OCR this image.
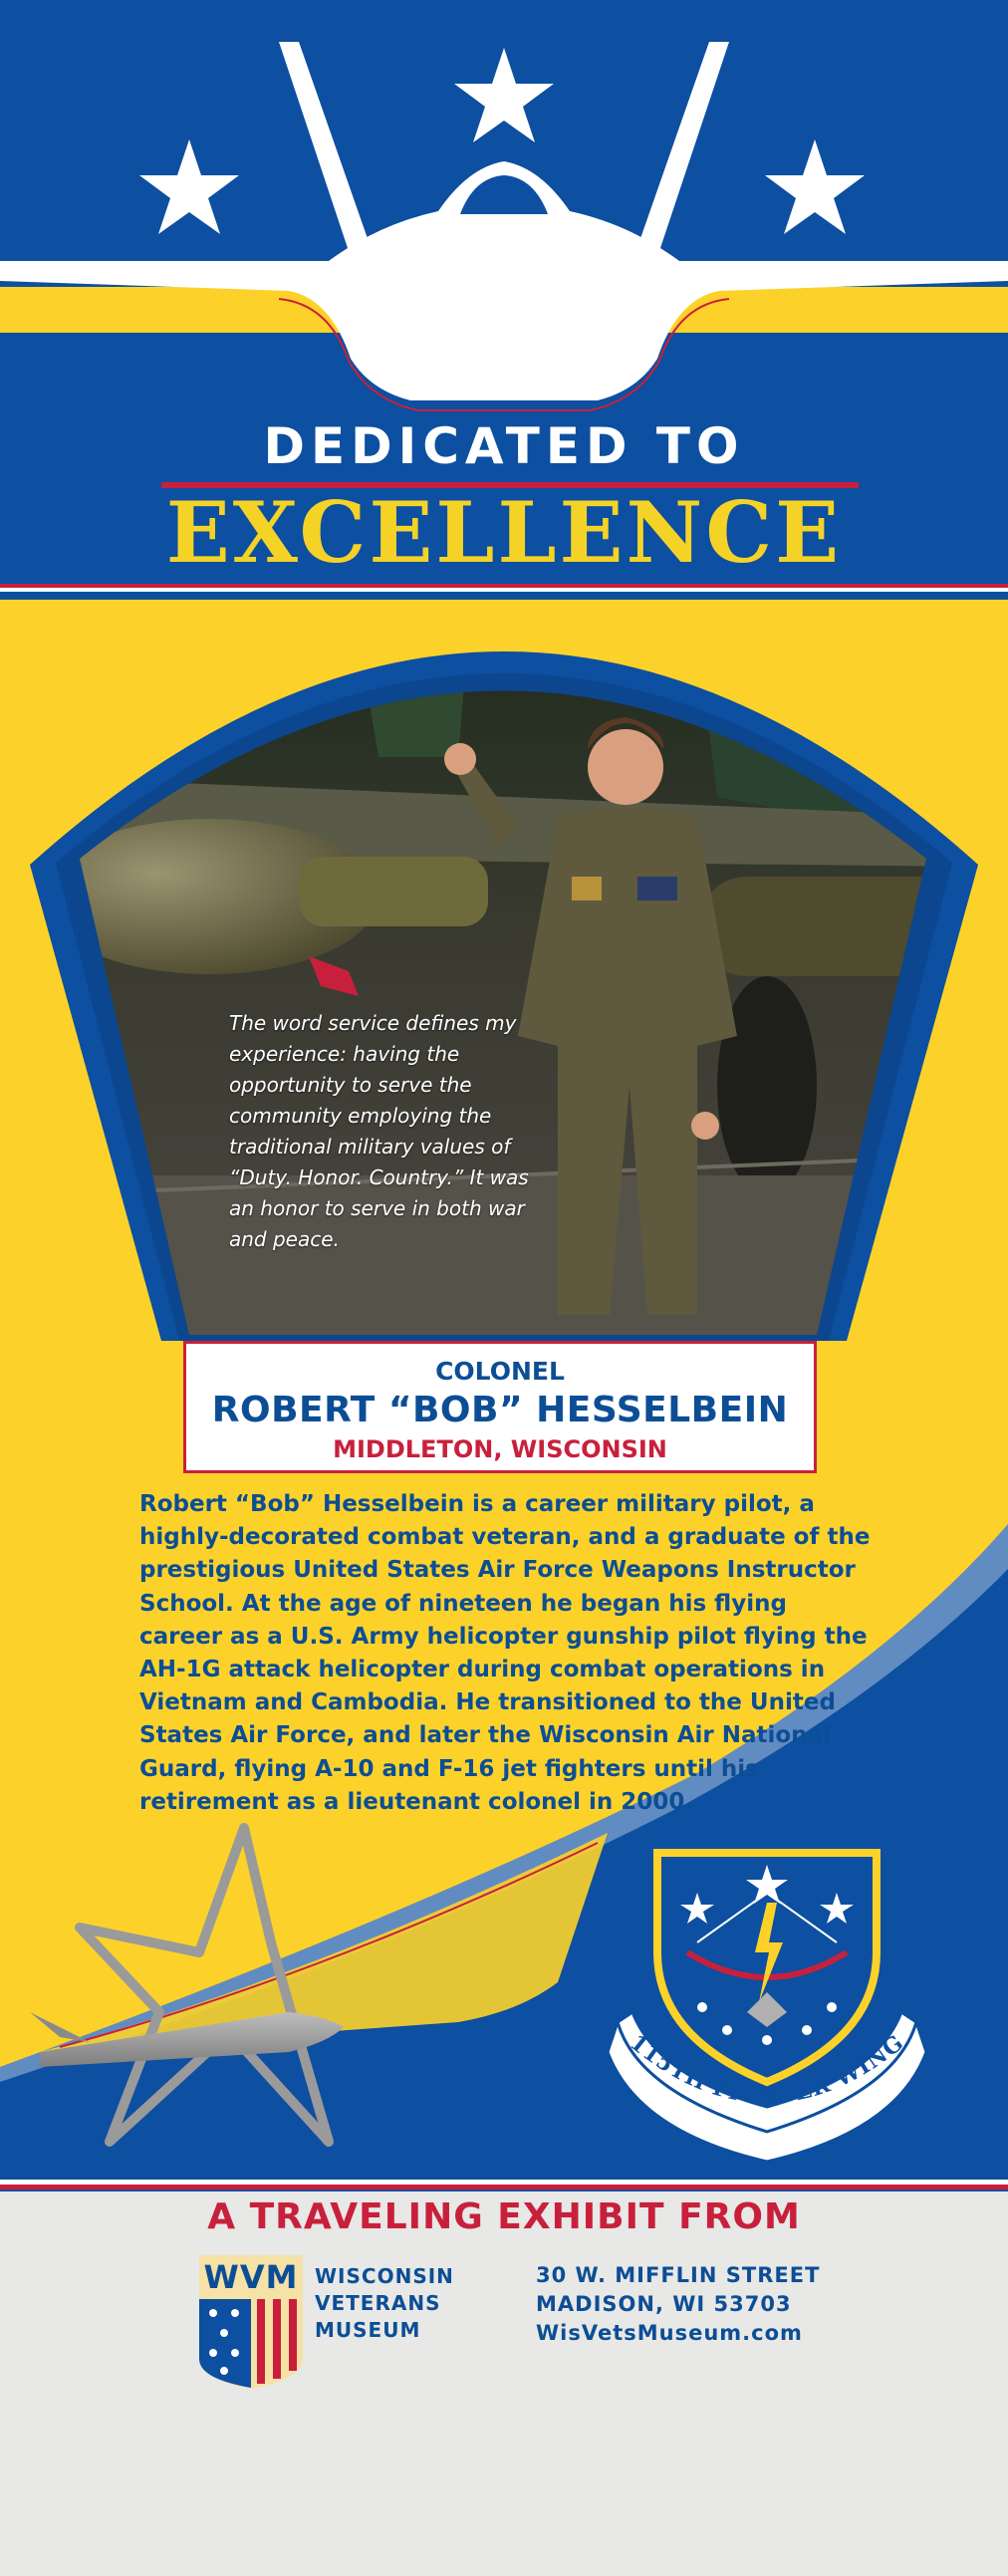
DEDICATED TO
EXCELLENCE
The word service defines my experience: having the opportunity to serve the community employing the traditional military values of “Duty. Honor. Country.” It was an honor to serve in both war and peace.
COLONEL
ROBERT “BOB” HESSELBEIN
MIDDLETON, WISCONSIN
Robert “Bob” Hesselbein is a career military pilot, a highly-decorated combat veteran, and a graduate of the prestigious United States Air Force Weapons Instructor School. At the age of nineteen he began his flying career as a U.S. Army helicopter gunship pilot flying the AH-1G attack helicopter during combat operations in Vietnam and Cambodia. He transitioned to the United States Air Force, and later the Wisconsin Air National Guard, flying A-10 and F-16 jet fighters until his retirement as a lieutenant colonel in 2000.
115TH FIGHTER WING
A TRAVELING EXHIBIT FROM
WVM WISCONSIN
VETERANS
MUSEUM
30 W. MIFFLIN STREET
MADISON, WI 53703
WisVetsMuseum.com
